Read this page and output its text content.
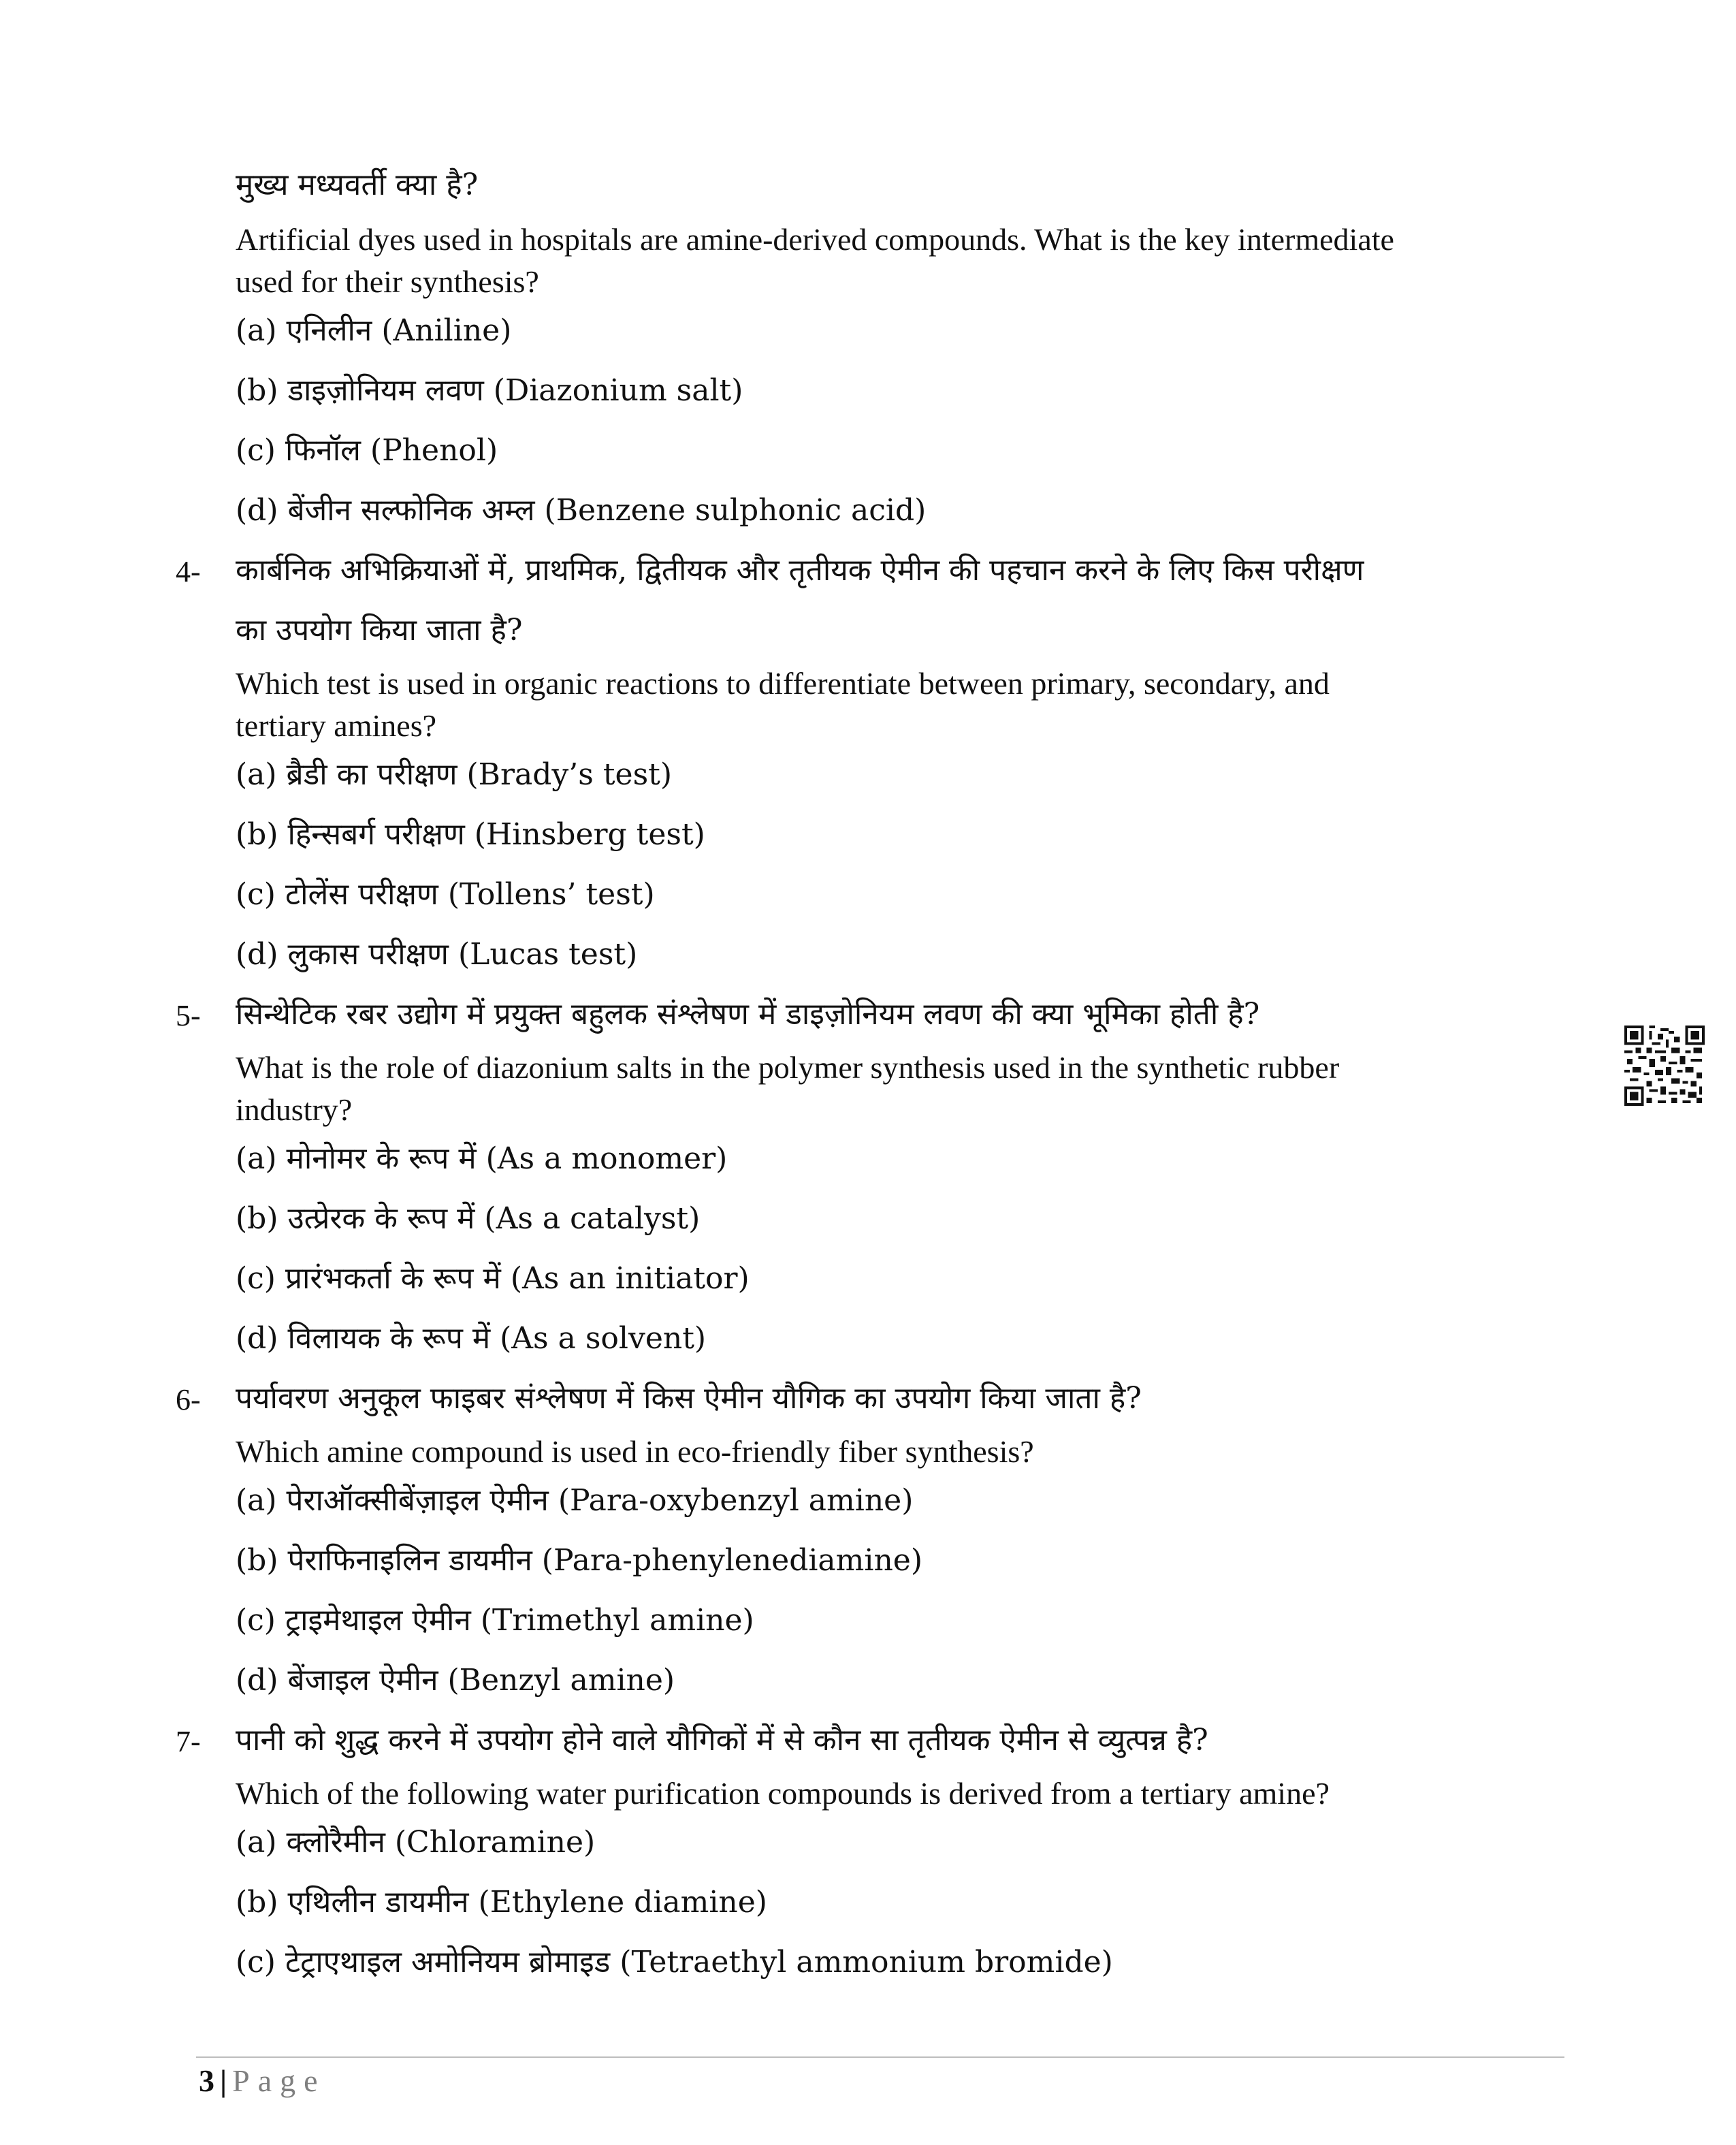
मुख्य मध्यवर्ती क्या है?
Artificial dyes used in hospitals are amine-derived compounds. What is the key intermediate
used for their synthesis?
(a) एनिलीन (Aniline)
(b) डाइज़ोनियम लवण (Diazonium salt)
(c) फिनॉल (Phenol)
(d) बेंजीन सल्फोनिक अम्ल (Benzene sulphonic acid)
4- कार्बनिक अभिक्रियाओं में, प्राथमिक, द्वितीयक और तृतीयक ऐमीन की पहचान करने के लिए किस परीक्षण
का उपयोग किया जाता है?
Which test is used in organic reactions to differentiate between primary, secondary, and
tertiary amines?
(a) ब्रैडी का परीक्षण (Brady’s test)
(b) हिन्सबर्ग परीक्षण (Hinsberg test)
(c) टोलेंस परीक्षण (Tollens’ test)
(d) लुकास परीक्षण (Lucas test)
5- सिन्थेटिक रबर उद्योग में प्रयुक्त बहुलक संश्लेषण में डाइज़ोनियम लवण की क्या भूमिका होती है?
What is the role of diazonium salts in the polymer synthesis used in the synthetic rubber
industry?
(a) मोनोमर के रूप में (As a monomer)
(b) उत्प्रेरक के रूप में (As a catalyst)
(c) प्रारंभकर्ता के रूप में (As an initiator)
(d) विलायक के रूप में (As a solvent)
6- पर्यावरण अनुकूल फाइबर संश्लेषण में किस ऐमीन यौगिक का उपयोग किया जाता है?
Which amine compound is used in eco-friendly fiber synthesis?
(a) पेराऑक्सीबेंज़ाइल ऐमीन (Para-oxybenzyl amine)
(b) पेराफिनाइलिन डायमीन (Para-phenylenediamine)
(c) ट्राइमेथाइल ऐमीन (Trimethyl amine)
(d) बेंजाइल ऐमीन (Benzyl amine)
7- पानी को शुद्ध करने में उपयोग होने वाले यौगिकों में से कौन सा तृतीयक ऐमीन से व्युत्पन्न है?
Which of the following water purification compounds is derived from a tertiary amine?
(a) क्लोरैमीन (Chloramine)
(b) एथिलीन डायमीन (Ethylene diamine)
(c) टेट्राएथाइल अमोनियम ब्रोमाइड (Tetraethyl ammonium bromide)
3 | Page
